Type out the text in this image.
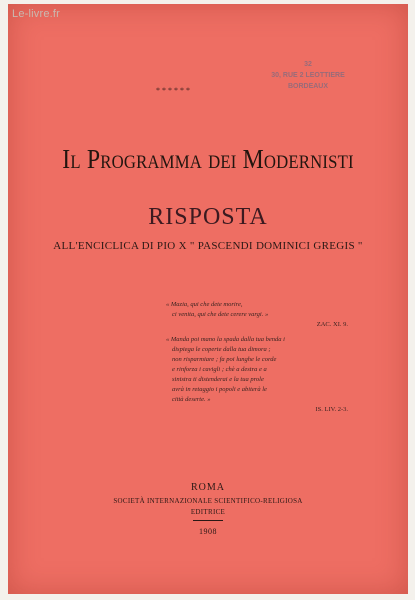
Le-livre.fr
32
30, RUE 2 LEOTTIERE
BORDEAUX
******
Il Programma dei Modernisti
RISPOSTA
ALL'ENCICLICA DI PIO X " PASCENDI DOMINICI GREGIS "
« Mazia, qui che dete morire,
ci venita, qui che dete cerere vargi. »
ZAC. XI. 9.
« Manda poi mano la spada dalla tua benda i
dispiega le coperte dalla tua dimora ;
non risparmiare ; fa poi lunghe le corde
e rinforza i cavigli ; chè a destra e a
sinistra ti distenderai e la tua prole
avrà in retaggio i popoli e abiterà le
città deserte. »
IS. LIV. 2-3.
ROMA
SOCIETÀ INTERNAZIONALE SCIENTIFICO-RELIGIOSA
EDITRICE
1908
